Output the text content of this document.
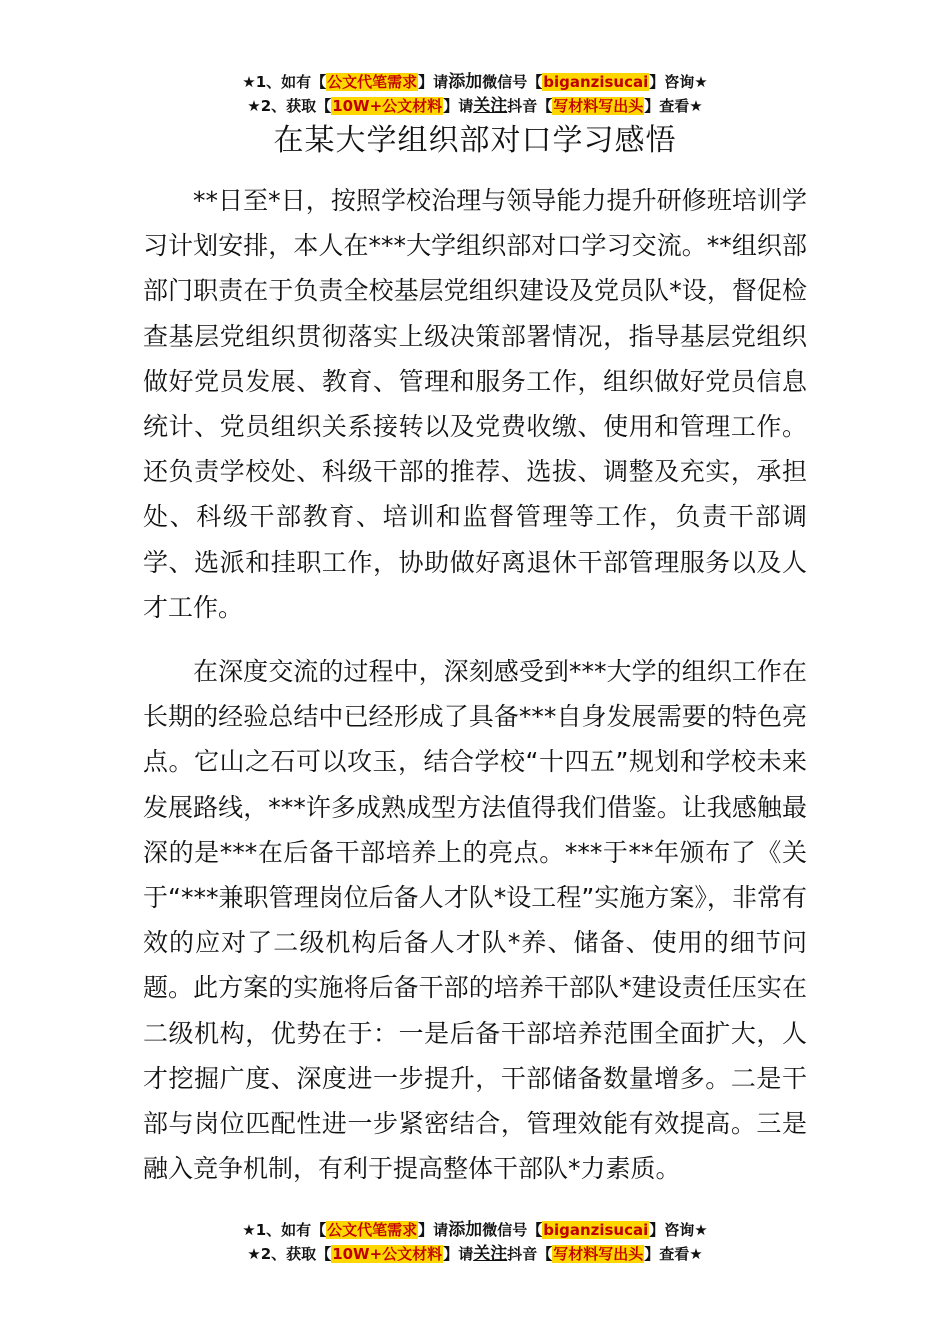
★1、如有【公文代笔需求】请添加微信号【biganzisucai】咨询★
★2、获取【10W+公文材料】请关注抖音【写材料写出头】查看★
在某大学组织部对口学习感悟

**日至*日，按照学校治理与领导能力提升研修班培训学习计划安排，本人在***大学组织部对口学习交流。**组织部部门职责在于负责全校基层党组织建设及党员队*设，督促检查基层党组织贯彻落实上级决策部署情况，指导基层党组织做好党员发展、教育、管理和服务工作，组织做好党员信息统计、党员组织关系接转以及党费收缴、使用和管理工作。还负责学校处、科级干部的推荐、选拔、调整及充实，承担处、科级干部教育、培训和监督管理等工作，负责干部调学、选派和挂职工作，协助做好离退休干部管理服务以及人才工作。

在深度交流的过程中，深刻感受到***大学的组织工作在长期的经验总结中已经形成了具备***自身发展需要的特色亮点。它山之石可以攻玉，结合学校“十四五”规划和学校未来发展路线，***许多成熟成型方法值得我们借鉴。让我感触最深的是***在后备干部培养上的亮点。***于**年颁布了《关于“***兼职管理岗位后备人才队*设工程”实施方案》，非常有效的应对了二级机构后备人才队*养、储备、使用的细节问题。此方案的实施将后备干部的培养干部队*建设责任压实在二级机构，优势在于：一是后备干部培养范围全面扩大，人才挖掘广度、深度进一步提升，干部储备数量增多。二是干部与岗位匹配性进一步紧密结合，管理效能有效提高。三是融入竞争机制，有利于提高整体干部队*力素质。

★1、如有【公文代笔需求】请添加微信号【biganzisucai】咨询★
★2、获取【10W+公文材料】请关注抖音【写材料写出头】查看★
